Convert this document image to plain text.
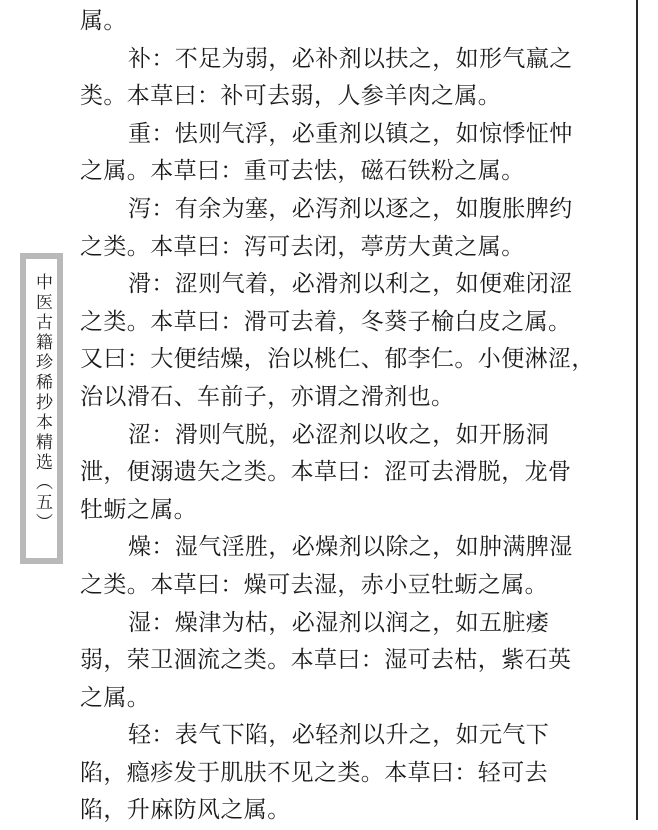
中医古籍珍稀抄本精选（五）
属。
补：不足为弱，必补剂以扶之，如形气羸之
类。本草曰：补可去弱，人参羊肉之属。
重：怯则气浮，必重剂以镇之，如惊悸怔忡
之属。本草曰：重可去怯，磁石铁粉之属。
泻：有余为塞，必泻剂以逐之，如腹胀脾约
之类。本草曰：泻可去闭，葶苈大黄之属。
滑：涩则气着，必滑剂以利之，如便难闭涩
之类。本草曰：滑可去着，冬葵子榆白皮之属。
又曰：大便结燥，治以桃仁、郁李仁。小便淋涩，
治以滑石、车前子，亦谓之滑剂也。
涩：滑则气脱，必涩剂以收之，如开肠洞
泄，便溺遗矢之类。本草曰：涩可去滑脱，龙骨
牡蛎之属。
燥：湿气淫胜，必燥剂以除之，如肿满脾湿
之类。本草曰：燥可去湿，赤小豆牡蛎之属。
湿：燥津为枯，必湿剂以润之，如五脏痿
弱，荣卫涸流之类。本草曰：湿可去枯，紫石英
之属。
轻：表气下陷，必轻剂以升之，如元气下
陷，瘾疹发于肌肤不见之类。本草曰：轻可去
陷，升麻防风之属。
